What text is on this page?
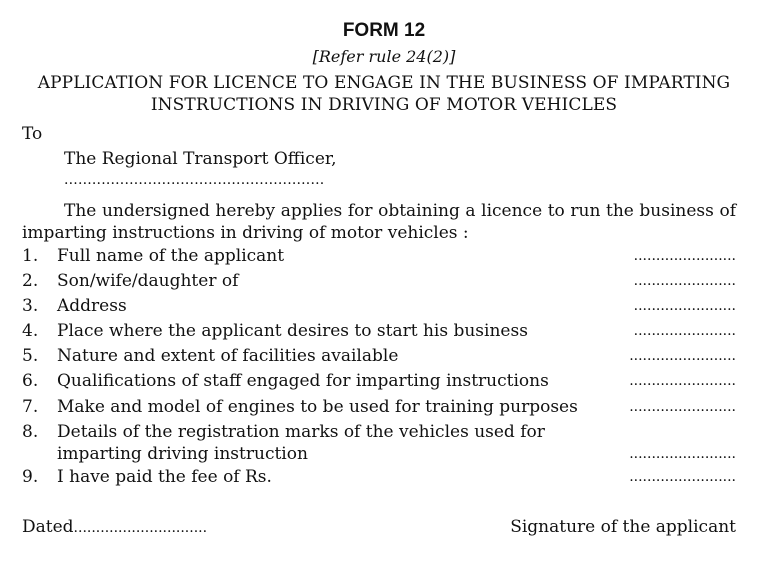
FORM 12
[Refer rule 24(2)]
APPLICATION FOR LICENCE TO ENGAGE IN THE BUSINESS OF IMPARTING
INSTRUCTIONS IN DRIVING OF MOTOR VEHICLES
To
The Regional Transport Officer,
........................................................
The undersigned hereby applies for obtaining a licence to run the business of imparting instructions in driving of motor vehicles :
1. Full name of the applicant	.......................
2. Son/wife/daughter of	.......................
3. Address	.......................
4. Place where the applicant desires to start his business	.......................
5. Nature and extent of facilities available	........................
6. Qualifications of staff engaged for imparting instructions	........................
7. Make and model of engines to be used for training purposes	........................
8. Details of the registration marks of the vehicles used for
imparting driving instruction	........................
9. I have paid the fee of Rs.	........................
Dated..............................	Signature of the applicant
